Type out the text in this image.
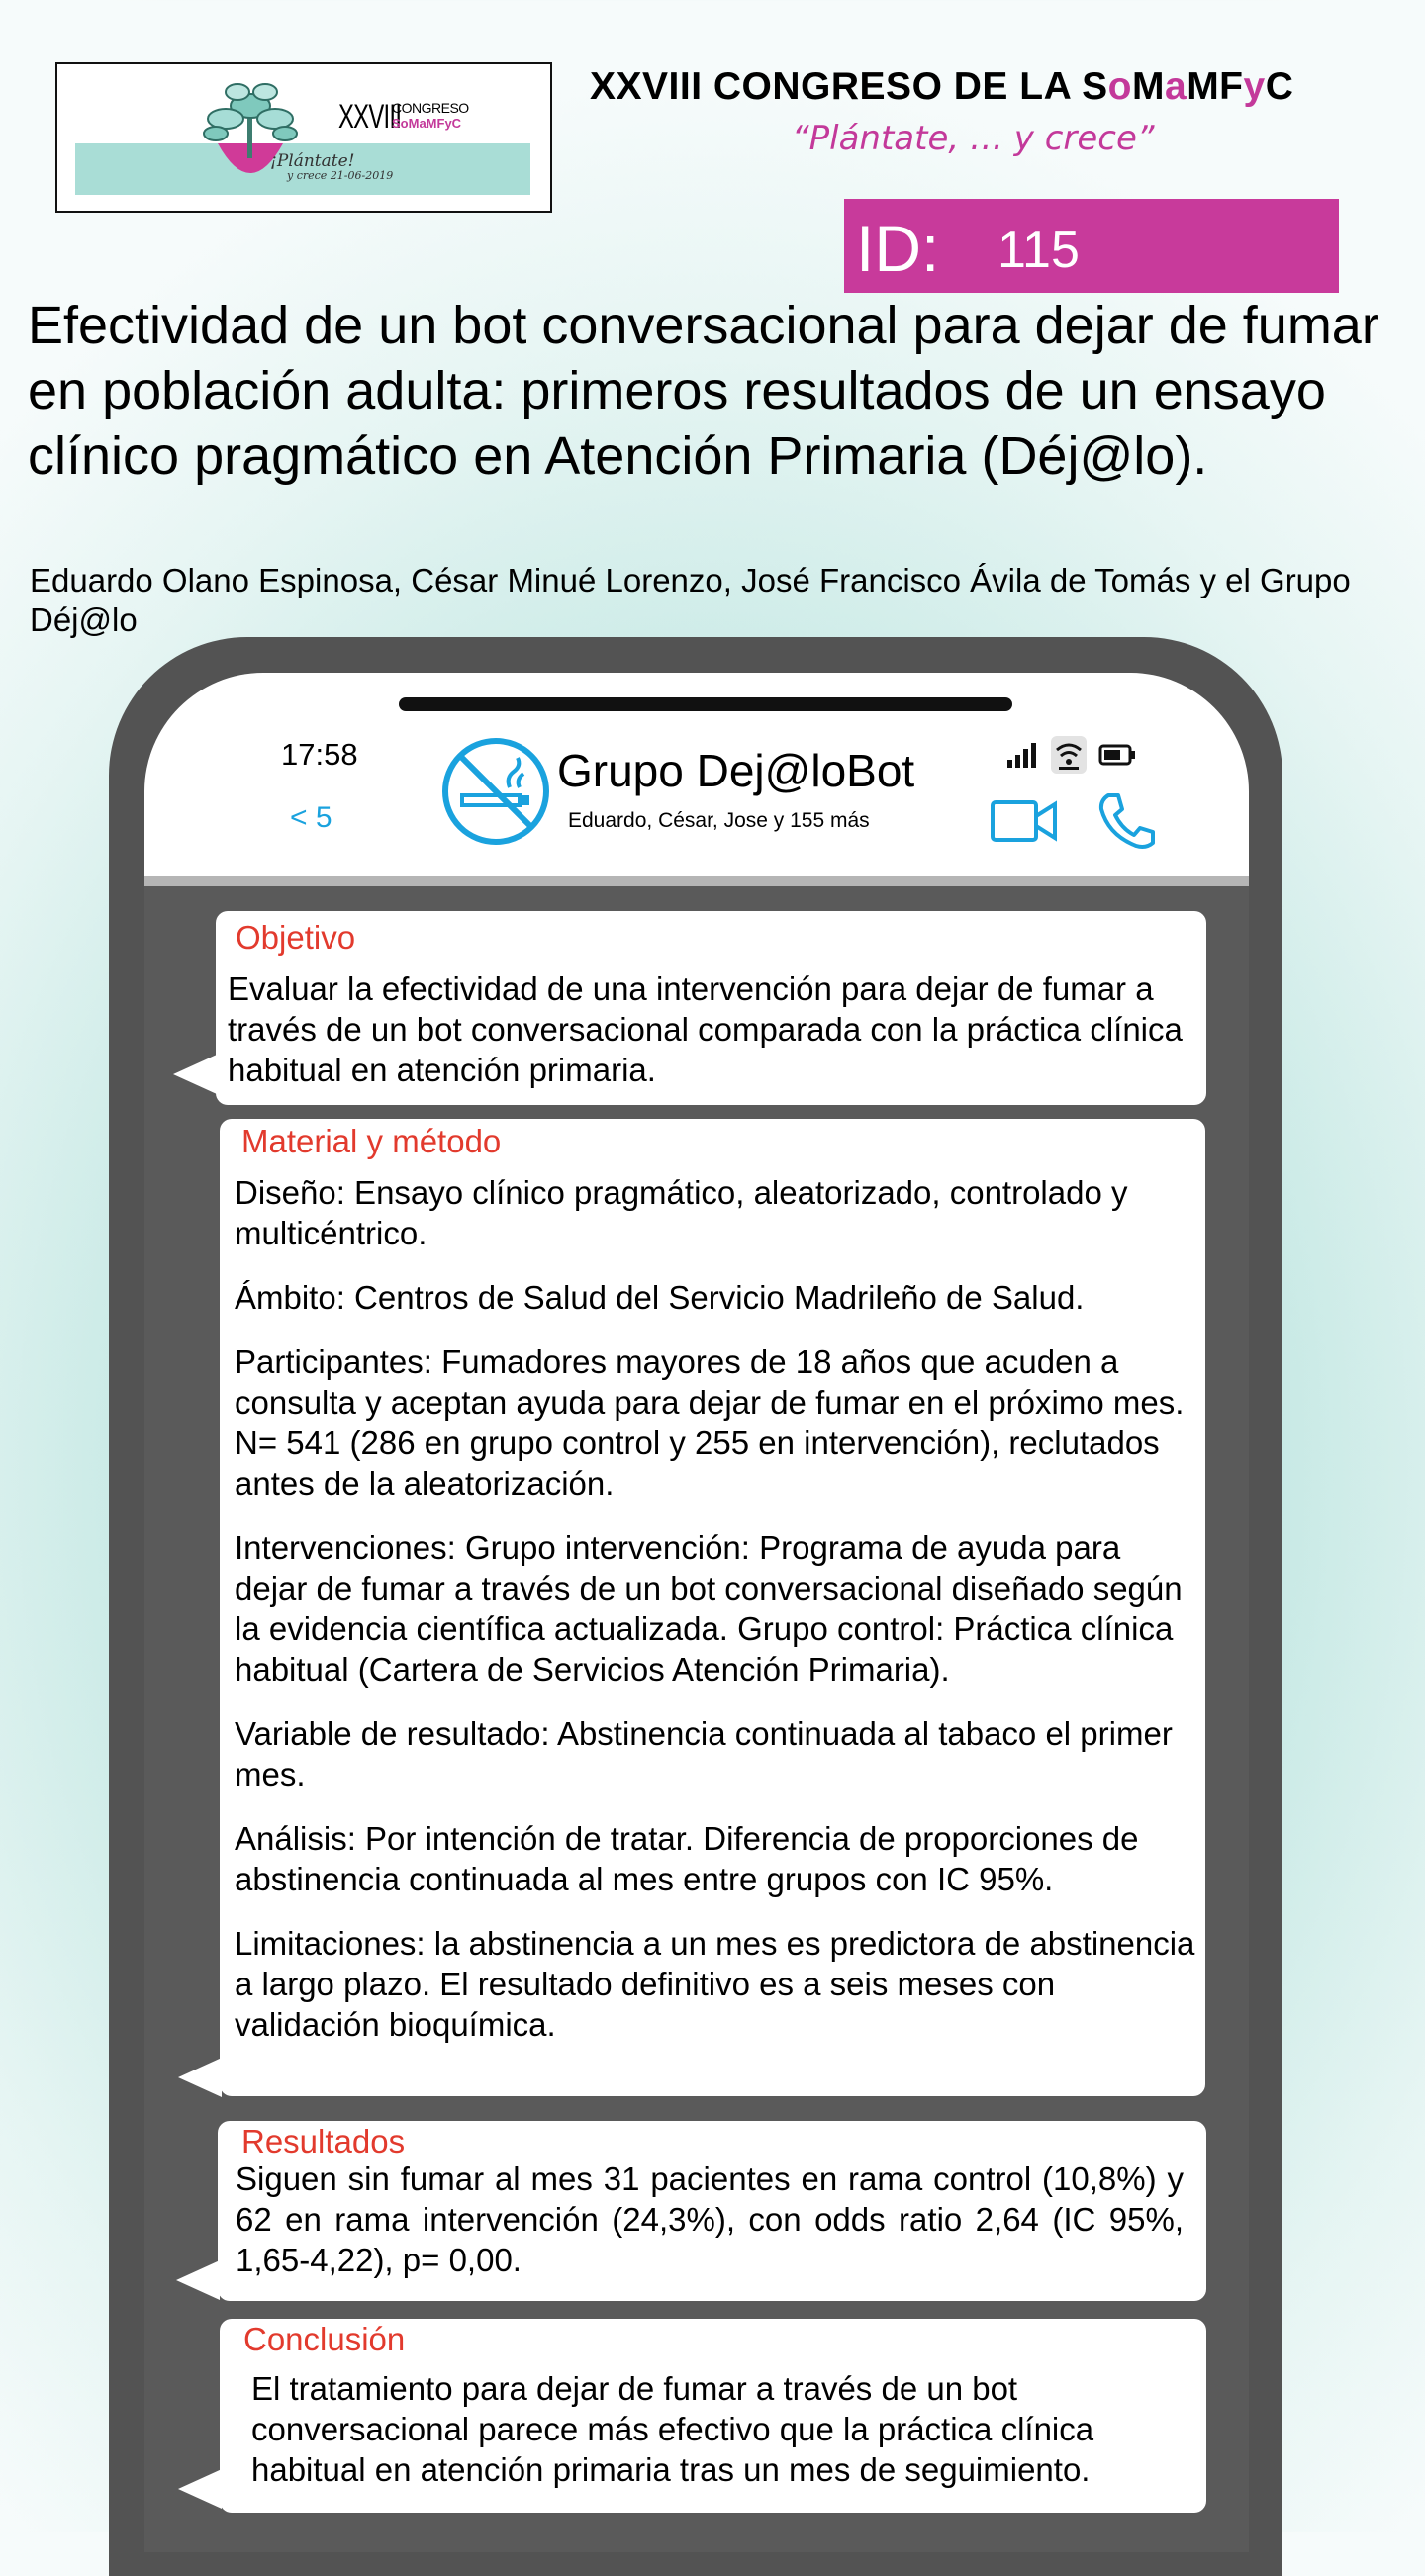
XXVIII
CONGRESO
SoMaMFyC
¡Plántate!
y crece 21-06-2019
XXVIII CONGRESO DE LA SoMaMFyC
“Plántate, … y crece”
ID: 115
Efectividad de un bot conversacional para dejar de fumar en población adulta: primeros resultados de un ensayo clínico pragmático en Atención Primaria (Déj@lo).
Eduardo Olano Espinosa, César Minué Lorenzo, José Francisco Ávila de Tomás y el Grupo Déj@lo
17:58
< 5
Grupo Dej@loBot
Eduardo, César, Jose y 155 más
Objetivo
Evaluar la efectividad de una intervención para dejar de fumar a través de un bot conversacional comparada con la práctica clínica habitual en atención primaria.
Material y método

Diseño: Ensayo clínico pragmático, aleatorizado, controlado y multicéntrico.

Ámbito: Centros de Salud del Servicio Madrileño de Salud.

Participantes: Fumadores mayores de 18 años que acuden a consulta y aceptan ayuda para dejar de fumar en el próximo mes. N= 541 (286 en grupo control y 255 en intervención), reclutados antes de la aleatorización.

Intervenciones: Grupo intervención: Programa de ayuda para dejar de fumar a través de un bot conversacional diseñado según la evidencia científica actualizada. Grupo control: Práctica clínica habitual (Cartera de Servicios Atención Primaria).

Variable de resultado: Abstinencia continuada al tabaco el primer mes.

Análisis: Por intención de tratar. Diferencia de proporciones de abstinencia continuada al mes entre grupos con IC 95%.

Limitaciones: la abstinencia a un mes es predictora de abstinencia a largo plazo. El resultado definitivo es a seis meses con validación bioquímica.

Resultados
Siguen sin fumar al mes 31 pacientes en rama control (10,8%) y 62 en rama intervención (24,3%), con odds ratio 2,64 (IC 95%, 1,65-4,22), p= 0,00.
Conclusión
El tratamiento para dejar de fumar a través de un bot conversacional parece más efectivo que la práctica clínica habitual en atención primaria tras un mes de seguimiento.
